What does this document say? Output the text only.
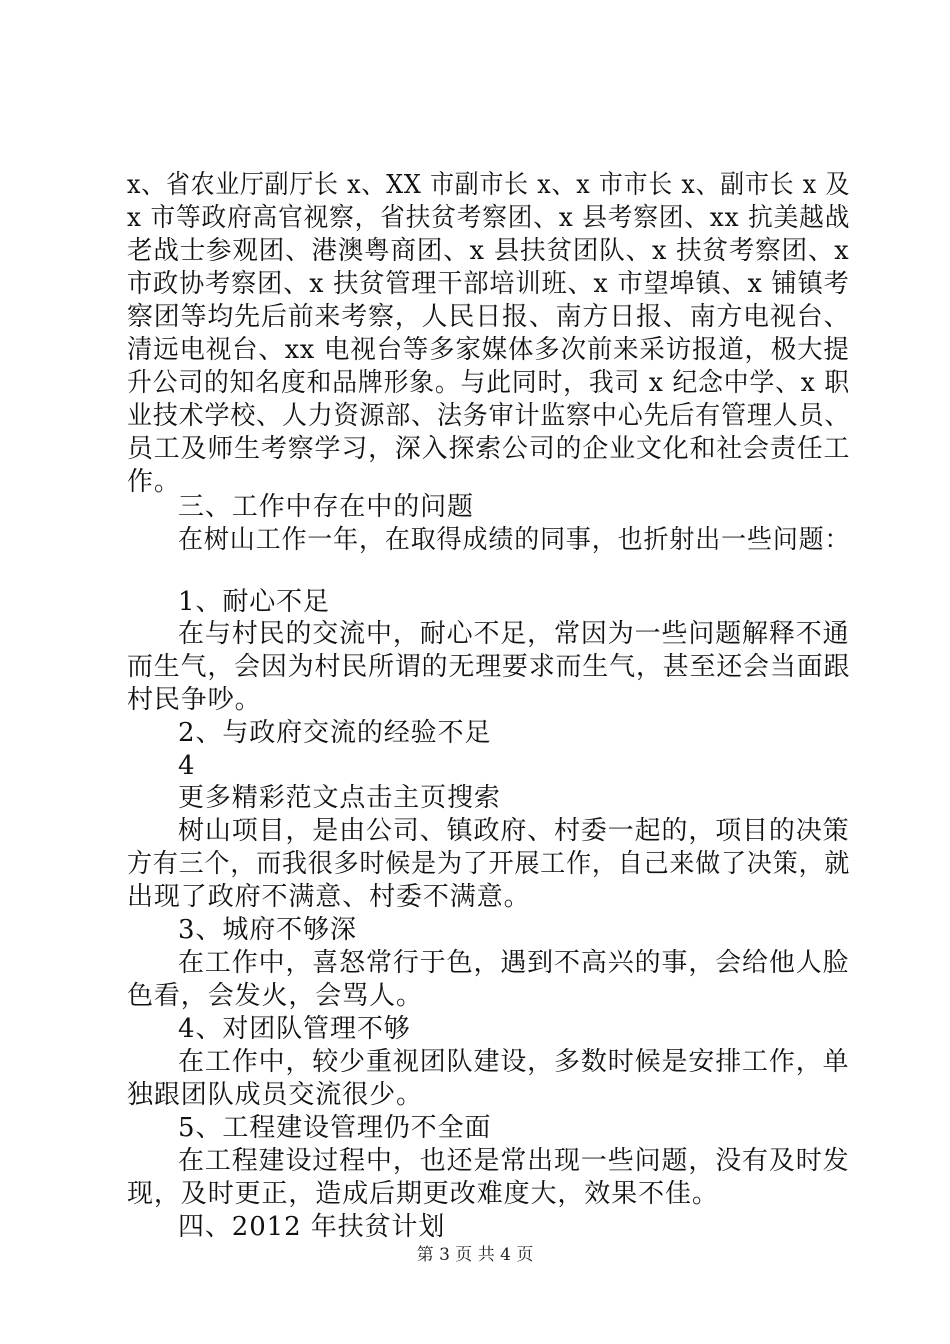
x、省农业厅副厅长 x、XX 市副市长 x、x 市市长 x、副市长 x 及
x 市等政府高官视察，省扶贫考察团、x 县考察团、xx 抗美越战
老战士参观团、港澳粤商团、x 县扶贫团队、x 扶贫考察团、x
市政协考察团、x 扶贫管理干部培训班、x 市望埠镇、x 铺镇考
察团等均先后前来考察，人民日报、南方日报、南方电视台、
清远电视台、xx 电视台等多家媒体多次前来采访报道，极大提
升公司的知名度和品牌形象。与此同时，我司 x 纪念中学、x 职
业技术学校、人力资源部、法务审计监察中心先后有管理人员、
员工及师生考察学习，深入探索公司的企业文化和社会责任工
作。
三、工作中存在中的问题
在树山工作一年，在取得成绩的同事，也折射出一些问题：
1、耐心不足
在与村民的交流中，耐心不足，常因为一些问题解释不通
而生气，会因为村民所谓的无理要求而生气，甚至还会当面跟
村民争吵。
2、与政府交流的经验不足
4
更多精彩范文点击主页搜索
树山项目，是由公司、镇政府、村委一起的，项目的决策
方有三个，而我很多时候是为了开展工作，自己来做了决策，就
出现了政府不满意、村委不满意。
3、城府不够深
在工作中，喜怒常行于色，遇到不高兴的事，会给他人脸
色看，会发火，会骂人。
4、对团队管理不够
在工作中，较少重视团队建设，多数时候是安排工作，单
独跟团队成员交流很少。
5、工程建设管理仍不全面
在工程建设过程中，也还是常出现一些问题，没有及时发
现，及时更正，造成后期更改难度大，效果不佳。
四、2012 年扶贫计划
第 3 页 共 4 页
